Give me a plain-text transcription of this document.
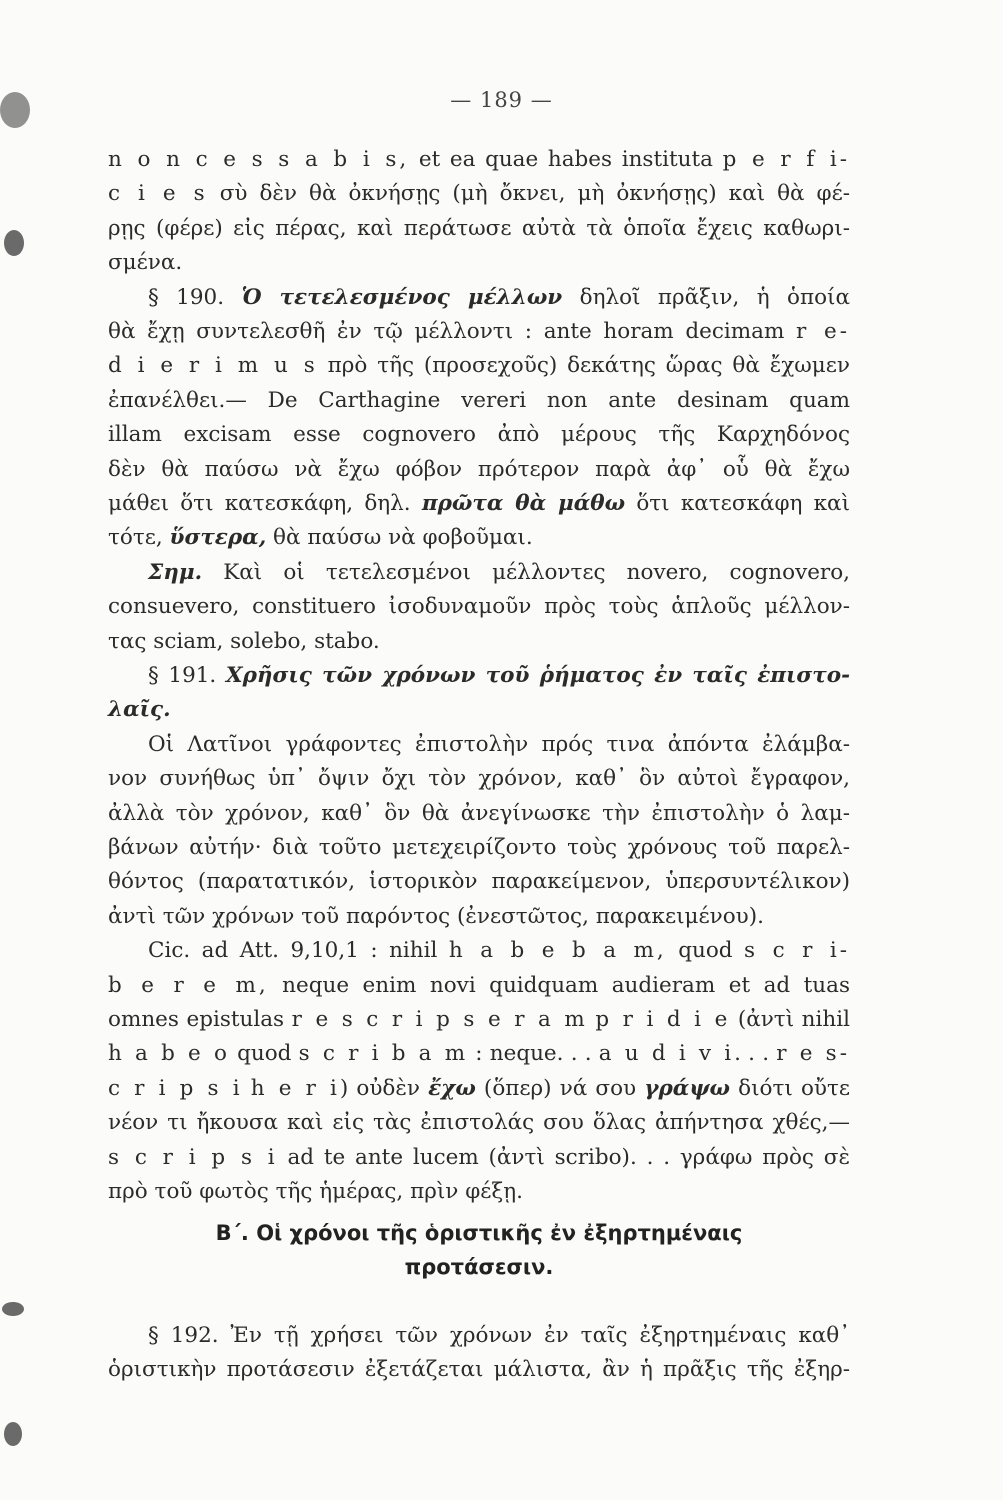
— 189 —
n o n c e s s a b i s, et ea quae habes instituta p e r f i-
c i e s σὺ δὲν θὰ ὀκνήσῃς (μὴ ὄκνει, μὴ ὀκνήσῃς) καὶ θὰ φέ-
ρῃς (φέρε) εἰς πέρας, καὶ περάτωσε αὐτὰ τὰ ὁποῖα ἔχεις καθωρι-
σμένα.
§ 190. Ὁ τετελεσμένος μέλλων δηλοῖ πρᾶξιν, ἡ ὁποία
θὰ ἔχῃ συντελεσθῆ ἐν τῷ μέλλοντι : ante horam decimam r e-
d i e r i m u s πρὸ τῆς (προσεχοῦς) δεκάτης ὥρας θὰ ἔχωμεν
ἐπανέλθει.— De Carthagine vereri non ante desinam quam
illam excisam esse cognovero ἀπὸ μέρους τῆς Καρχηδόνος
δὲν θὰ παύσω νὰ ἔχω φόβον πρότερον παρὰ ἀφ᾿ οὗ θὰ ἔχω
μάθει ὅτι κατεσκάφη, δηλ. πρῶτα θὰ μάθω ὅτι κατεσκάφη καὶ
τότε, ὕστερα, θὰ παύσω νὰ φοβοῦμαι.
Σημ. Καὶ οἱ τετελεσμένοι μέλλοντες novero, cognovero,
consuevero, constituero ἰσοδυναμοῦν πρὸς τοὺς ἁπλοῦς μέλλον-
τας sciam, solebo, stabo.
§ 191. Χρῆσις τῶν χρόνων τοῦ ῥήματος ἐν ταῖς ἐπιστο-
λαῖς.
Οἱ Λατῖνοι γράφοντες ἐπιστολὴν πρός τινα ἀπόντα ἐλάμβα-
νον συνήθως ὑπ᾿ ὄψιν ὄχι τὸν χρόνον, καθ᾿ ὃν αὐτοὶ ἔγραφον,
ἀλλὰ τὸν χρόνον, καθ᾿ ὃν θὰ ἀνεγίνωσκε τὴν ἐπιστολὴν ὁ λαμ-
βάνων αὐτήν· διὰ τοῦτο μετεχειρίζοντο τοὺς χρόνους τοῦ παρελ-
θόντος (παρατατικόν, ἱστορικὸν παρακείμενον, ὑπερσυντέλικον)
ἀντὶ τῶν χρόνων τοῦ παρόντος (ἐνεστῶτος, παρακειμένου).
Cic. ad Att. 9,10,1 : nihil h a b e b a m, quod s c r i-
b e r e m, neque enim novi quidquam audieram et ad tuas
omnes epistulas r e s c r i p s e r a m p r i d i e (ἀντὶ nihil
h a b e o quod s c r i b a m : neque. . . a u d i v i. . . r e s-
c r i p s i h e r i) οὐδὲν ἔχω (ὅπερ) νά σου γράψω διότι οὔτε
νέον τι ἤκουσα καὶ εἰς τὰς ἐπιστολάς σου ὅλας ἀπήντησα χθές,—
s c r i p s i ad te ante lucem (ἀντὶ scribo). . . γράφω πρὸς σὲ
πρὸ τοῦ φωτὸς τῆς ἡμέρας, πρὶν φέξῃ.
Β΄. Οἱ χρόνοι τῆς ὁριστικῆς ἐν ἐξηρτημέναις
προτάσεσιν.
§ 192. Ἐν τῇ χρήσει τῶν χρόνων ἐν ταῖς ἐξηρτημέναις καθ᾿
ὁριστικὴν προτάσεσιν ἐξετάζεται μάλιστα, ἂν ἡ πρᾶξις τῆς ἐξηρ-
